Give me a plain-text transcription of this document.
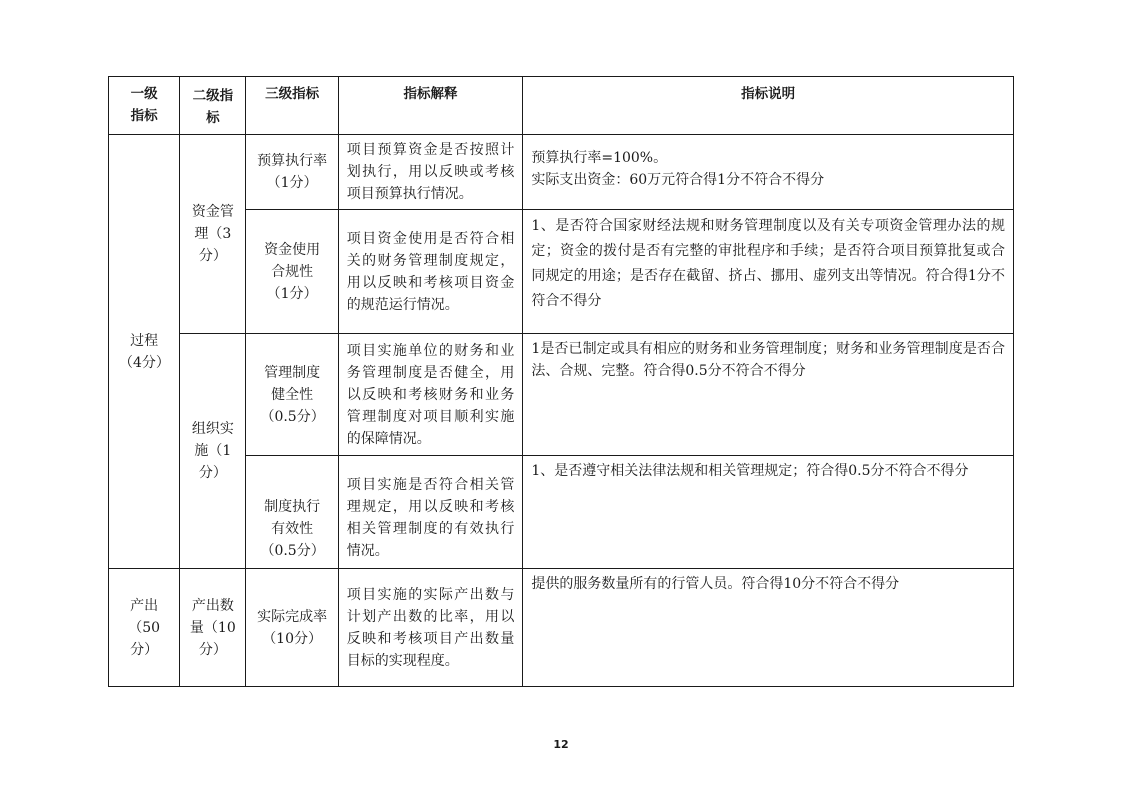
一级指标	二级指标	三级指标	指标解释	指标说明

过程（4分）	资金管理（3分）	预算执行率（1分）	项目预算资金是否按照计划执行，用以反映或考核项目预算执行情况。	预算执行率=100%。
实际支出资金：60万元符合得1分不符合不得分

		资金使用合规性（1分）	项目资金使用是否符合相关的财务管理制度规定，用以反映和考核项目资金的规范运行情况。	1、是否符合国家财经法规和财务管理制度以及有关专项资金管理办法的规定；资金的拨付是否有完整的审批程序和手续；是否符合项目预算批复或合同规定的用途；是否存在截留、挤占、挪用、虚列支出等情况。符合得1分不符合不得分

	组织实施（1分）	管理制度健全性（0.5分）	项目实施单位的财务和业务管理制度是否健全，用以反映和考核财务和业务管理制度对项目顺利实施的保障情况。	1是否已制定或具有相应的财务和业务管理制度；财务和业务管理制度是否合法、合规、完整。符合得0.5分不符合不得分

		制度执行有效性（0.5分）	项目实施是否符合相关管理规定，用以反映和考核相关管理制度的有效执行情况。	1、是否遵守相关法律法规和相关管理规定；符合得0.5分不符合不得分

产出（50分）	产出数量（10分）	实际完成率（10分）	项目实施的实际产出数与计划产出数的比率，用以反映和考核项目产出数量目标的实现程度。	提供的服务数量所有的行管人员。符合得10分不符合不得分
12
